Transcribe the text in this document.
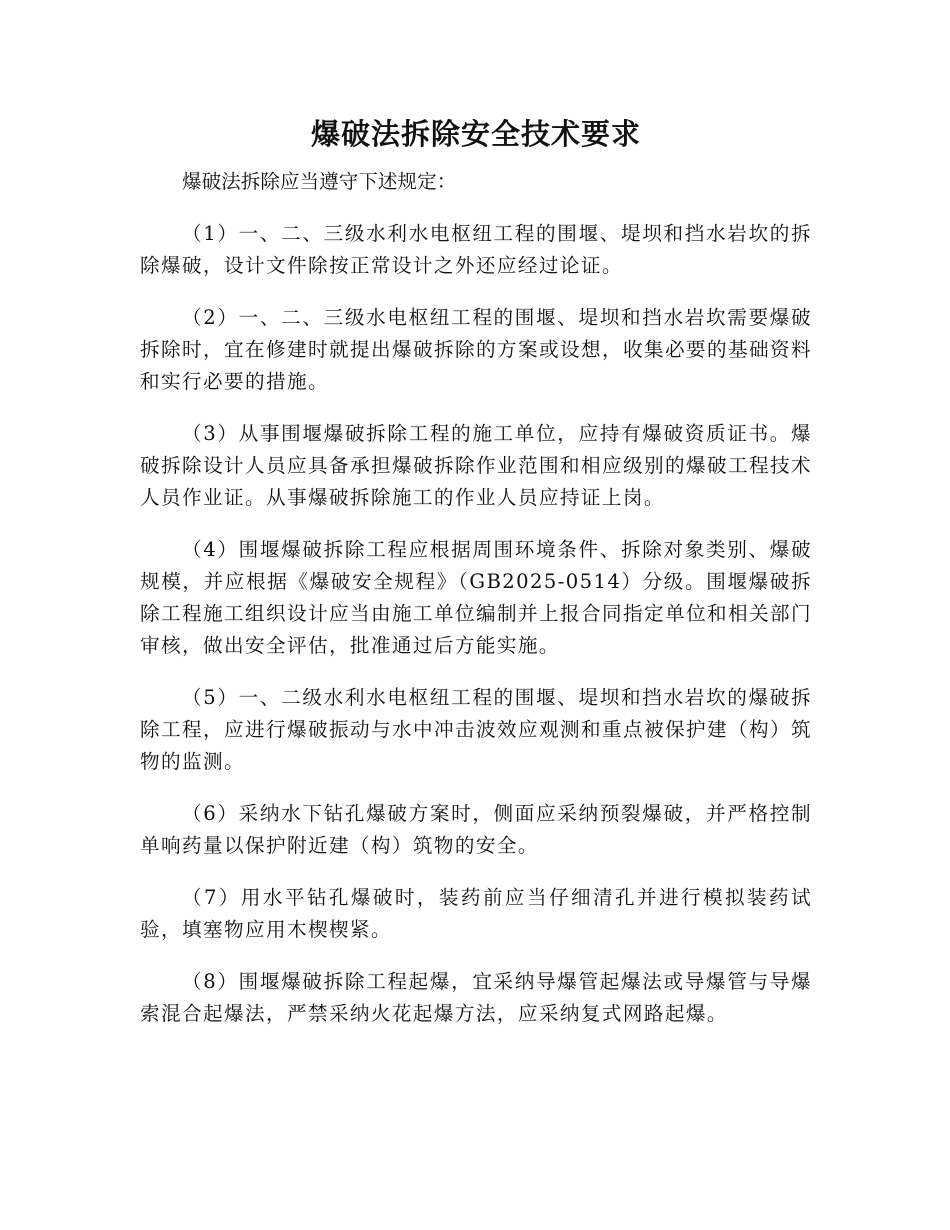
爆破法拆除安全技术要求

爆破法拆除应当遵守下述规定：

（1）一、二、三级水利水电枢纽工程的围堰、堤坝和挡水岩坎的拆除爆破，设计文件除按正常设计之外还应经过论证。

（2）一、二、三级水电枢纽工程的围堰、堤坝和挡水岩坎需要爆破拆除时，宜在修建时就提出爆破拆除的方案或设想，收集必要的基础资料和实行必要的措施。

（3）从事围堰爆破拆除工程的施工单位，应持有爆破资质证书。爆破拆除设计人员应具备承担爆破拆除作业范围和相应级别的爆破工程技术人员作业证。从事爆破拆除施工的作业人员应持证上岗。

（4）围堰爆破拆除工程应根据周围环境条件、拆除对象类别、爆破规模，并应根据《爆破安全规程》（GB2025-0514）分级。围堰爆破拆除工程施工组织设计应当由施工单位编制并上报合同指定单位和相关部门审核，做出安全评估，批准通过后方能实施。

（5）一、二级水利水电枢纽工程的围堰、堤坝和挡水岩坎的爆破拆除工程，应进行爆破振动与水中冲击波效应观测和重点被保护建（构）筑物的监测。

（6）采纳水下钻孔爆破方案时，侧面应采纳预裂爆破，并严格控制单响药量以保护附近建（构）筑物的安全。

（7）用水平钻孔爆破时，装药前应当仔细清孔并进行模拟装药试验，填塞物应用木楔楔紧。

（8）围堰爆破拆除工程起爆，宜采纳导爆管起爆法或导爆管与导爆索混合起爆法，严禁采纳火花起爆方法，应采纳复式网路起爆。
